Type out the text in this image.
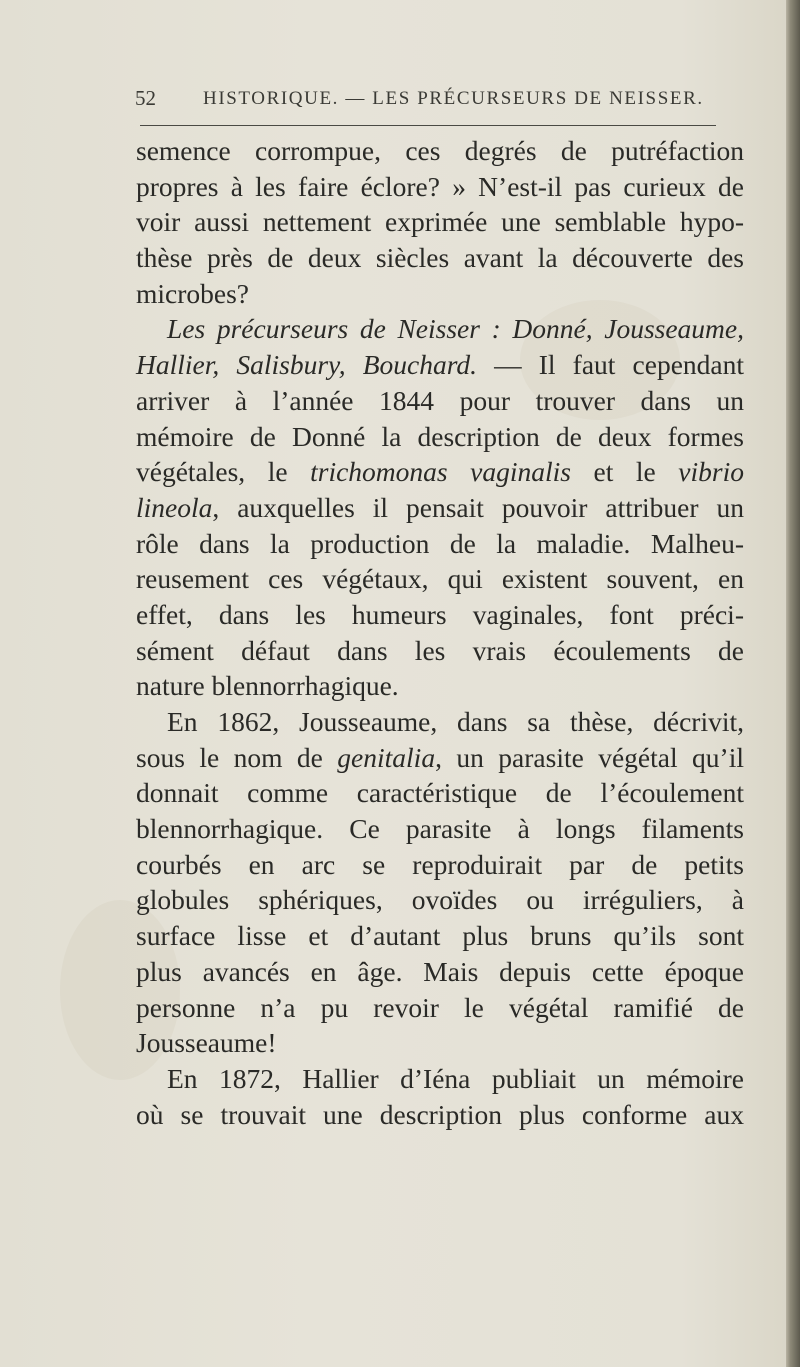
52 HISTORIQUE. — LES PRÉCURSEURS DE NEISSER.
semence corrompue, ces degrés de putréfaction
propres à les faire éclore? » N’est-il pas curieux de
voir aussi nettement exprimée une semblable hypo-
thèse près de deux siècles avant la découverte des
microbes?
Les précurseurs de Neisser : Donné, Jousseaume,
Hallier, Salisbury, Bouchard. — Il faut cependant
arriver à l’année 1844 pour trouver dans un
mémoire de Donné la description de deux formes
végétales, le trichomonas vaginalis et le vibrio
lineola, auxquelles il pensait pouvoir attribuer un
rôle dans la production de la maladie. Malheu-
reusement ces végétaux, qui existent souvent, en
effet, dans les humeurs vaginales, font préci-
sément défaut dans les vrais écoulements de
nature blennorrhagique.
En 1862, Jousseaume, dans sa thèse, décrivit,
sous le nom de genitalia, un parasite végétal qu’il
donnait comme caractéristique de l’écoulement
blennorrhagique. Ce parasite à longs filaments
courbés en arc se reproduirait par de petits
globules sphériques, ovoïdes ou irréguliers, à
surface lisse et d’autant plus bruns qu’ils sont
plus avancés en âge. Mais depuis cette époque
personne n’a pu revoir le végétal ramifié de
Jousseaume!
En 1872, Hallier d’Iéna publiait un mémoire
où se trouvait une description plus conforme aux
